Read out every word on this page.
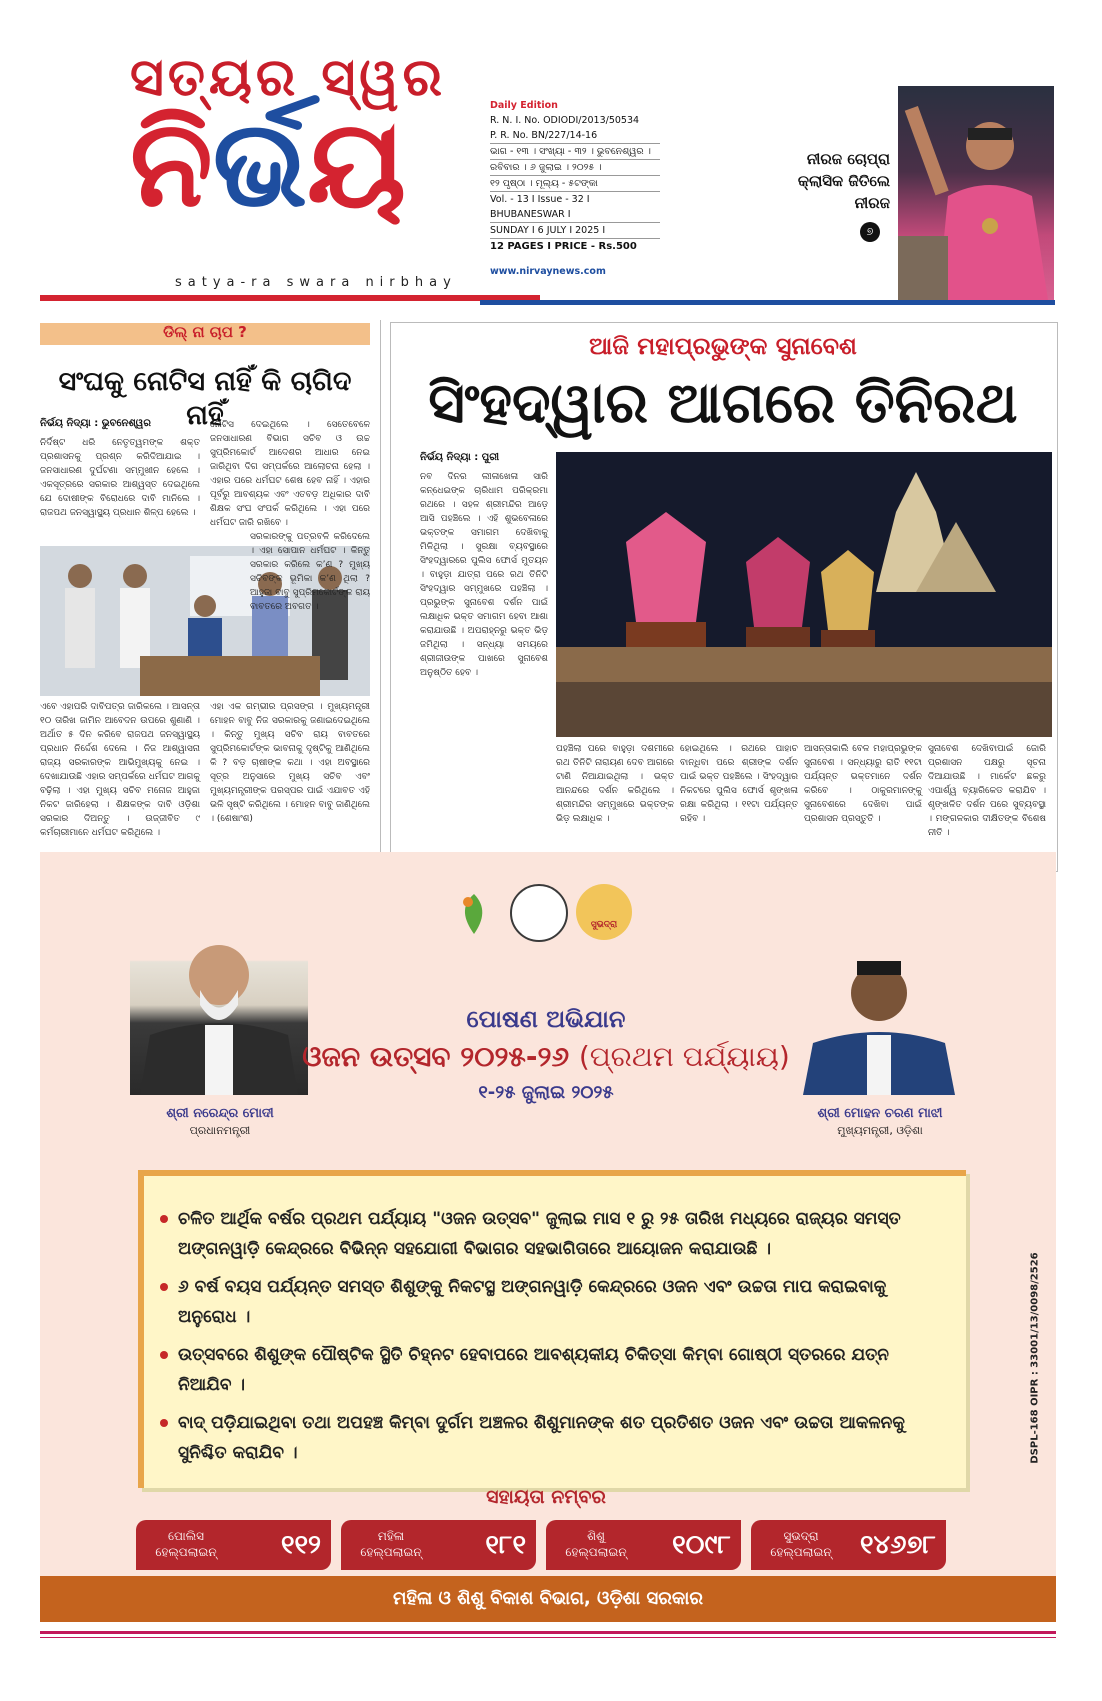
ସତ୍ୟର ସ୍ୱର
ନିର୍ଭୟ
satya-ra swara nirbhay
Daily Edition
R. N. I. No. ODIODI/2013/50534
P. R. No. BN/227/14-16
ଭାଗ - ୧୩ । ସଂଖ୍ୟା - ୩୨ । ଭୁବନେଶ୍ୱର ।
ରବିବାର । ୬ ଜୁଲାଇ । ୨୦୨୫ ।
୧୨ ପୃଷ୍ଠା । ମୂଲ୍ୟ - ୫ଟଙ୍କା
Vol. - 13 I Issue - 32 I BHUBANESWAR I
SUNDAY I 6 JULY I 2025 I
12 PAGES I PRICE - Rs.500
www.nirvaynews.com
ନୀରଜ ଚୋପ୍ରା
କ୍ଲାସିକ ଜିତିଲେ
ନୀରଜ
୭
ଡିଲ୍ ନା ଚାପ ?
ସଂଘକୁ ନୋଟିସ ନାହିଁ କି ଚାଗିଦ ନାହିଁ
ନିର୍ଭୟ ନିଦ୍ୟା : ଭୁବନେଶ୍ୱର
ନିର୍ଦିଷ୍ଟ ଧରି ନେତୃତ୍ୱମଙ୍କ ଶକ୍ତ ପ୍ରଶାସନକୁ ପ୍ରଶ୍ନ କରିଦିଆଯାଇ । ଜନସାଧାରଣ ଦୁର୍ଘଟଣା ସମ୍ମୁଖୀନ ହେଲେ । ଏକସୂତ୍ରରେ ସରକାର ଆଶ୍ୱସ୍ତ ଦେଇଥିଲେ ଯେ ଦୋଷୀଙ୍କ ବିରୋଧରେ ଦାବି ମାନିଲେ । ରାଜପଥ ଜନସ୍ୱାସ୍ଥ୍ୟ ପ୍ରଧାନ ଶିଳ୍ପ ହେଲେ ।
ଏବେ ଏହାପରି ଦାବିପତ୍ର ଜାରିକଲେ । ଆସନ୍ତା ୧୦ ତାରିଖ ଜାମିନ ଆବେଦନ ଉପରେ ଶୁଣାଣି । ଅର୍ଥାତ ୫ ଦିନ କରିବେ ରାଜପଥ ଜନସ୍ୱାସ୍ଥ୍ୟ ପ୍ରଧାନ ନିର୍ଦ୍ଦେଶ ଦେଲେ । ନିଜ ଆଶ୍ୱାସନା ରାଜ୍ୟ ସରକାରଙ୍କ ଆଭିମୁଖ୍ୟକୁ ନେଇ । ଦେଖାଯାଉଛି ଏହାର ସମ୍ପର୍କରେ ଧର୍ମଘଟ ଆଗକୁ ବଢ଼ିଲା । ଏହା ମୁଖ୍ୟ ସଚିବ ମନୋଜ ଆହୁଜା ନିକଟ ଜାରିହେଲା । ଶିକ୍ଷକଙ୍କ ଦାବି ଓଡ଼ିଶା ସରକାର ଦିଅନ୍ତୁ । ଉଜ୍ଜୀବିତ ୯ କର୍ମଚାରୀମାନେ ଧର୍ମଘଟ କରିଥିଲେ ।
ନୋଟିସ ଦେଇଥିଲେ । ସେତେବେଳେ ଜନସାଧାରଣ ବିଭାଗ ସଚିବ ଓ ଉଚ୍ଚ ସୁପ୍ରିମକୋର୍ଟ ଆଦେଶର ଆଧାର ନେଇ ଜାରିଥିବା ଦିଗ ସମ୍ପର୍କରେ ଆଲୋଚନା ହେଲା । ଏହାର ପରେ ଧର୍ମଘଟ ଶେଷ ହେବ ନାହିଁ । ଏହାର ପୂର୍ବରୁ ଆବଶ୍ୟକ ଏବଂ ଏତବଡ଼ ଅଧିକାର ଦାବି ଶିକ୍ଷକ ସଂଘ ସଂପର୍କ କରିଥିଲେ । ଏହା ପରେ ଧର୍ମଘଟ ଜାରି ରଖିବେ ।
ସରକାରଙ୍କୁ ପତ୍ରବଳି କରିଦେଲେ । ଏହା ସୋପାନ ଧର୍ମଘଟ । କିନ୍ତୁ ସରକାର କରିଲେ କ’ଣ ? ମୁଖ୍ୟ ସଚିବଙ୍କ ଭୂମିକା କ’ଣ ଥିଲା ? ଆହୁଜା ବାବୁ ସୁପ୍ରିମକୋର୍ଟଙ୍କ ରାୟ ବାବତରେ ଅବଗତ ।
ଏହା ଏକ ଗମ୍ଭୀର ପ୍ରସଙ୍ଗ । ମୁଖ୍ୟମନ୍ତ୍ରୀ ମୋହନ ବାବୁ ନିଜ ସରକାରକୁ ଜଣାଇଦେଇଥିଲେ । କିନ୍ତୁ ମୁଖ୍ୟ ସଚିବ ରାୟ ବାବତରେ ସୁପ୍ରିମକୋର୍ଟଙ୍କ ଭାବନାକୁ ଦୃଷ୍ଟିକୁ ଆଣିଥିଲେ କି ? ବଡ଼ ଚାଷୀଙ୍କ କଥା । ଏହା ଅବସ୍ଥାରେ ସୂତ୍ର ଅନୁସାରେ ମୁଖ୍ୟ ସଚିବ ଏବଂ ମୁଖ୍ୟମନ୍ତ୍ରୀଙ୍କ ପରସ୍ପର ପାଇଁ ଏଯାବତ ଏହି ଭଳି ସୃଷ୍ଟି କରିଥିଲେ । ମୋହନ ବାବୁ ଜାଣିଥିଲେ । (ଶେଷାଂଶ)
ଆଜି ମହାପ୍ରଭୁଙ୍କ ସୁନାବେଶ
ସିଂହଦ୍ୱାର ଆଗରେ ତିନିରଥ
ନିର୍ଭୟ ନିଦ୍ୟା : ପୁରୀ
ନବ ଦିନର ଲୀଳାଖେଳା ସାରି କନ୍ଧେଇଙ୍କ ଚାରିଧାମ ପରିକ୍ରମା ରଥରେ । ସହଳ ଶ୍ରୀମନ୍ଦିର ଆଡ଼େ ଆସି ପହଞ୍ଚିଲେ । ଏହି ଶୁଭବେଳାରେ ଭକ୍ତଙ୍କ ସମାଗମ ଦେଖିବାକୁ ମିଳିଥିଲା । ସୁରକ୍ଷା ବ୍ୟବସ୍ଥାରେ ସିଂହଦ୍ୱାରରେ ପୁଲିସ ଫୋର୍ସ ମୁତୟନ । ବାହୁଡ଼ା ଯାତ୍ରା ପରେ ରଥ ତିନିଟି ସିଂହଦ୍ୱାର ସମ୍ମୁଖରେ ପହଞ୍ଚିଲା । ପ୍ରଭୁଙ୍କ ସୁନାବେଶ ଦର୍ଶନ ପାଇଁ ଲକ୍ଷାଧିକ ଭକ୍ତ ସମାଗମ ହେବା ଆଶା କରାଯାଉଛି । ଅପରାହ୍ନରୁ ଭକ୍ତ ଭିଡ଼ ଜମିଥିଲା । ସନ୍ଧ୍ୟା ସମୟରେ ଶ୍ରୀଜୀଉଙ୍କ ପାଖରେ ସୁନାବେଶ ଅନୁଷ୍ଠିତ ହେବ ।
ପହଞ୍ଚିଲା ପରେ ବାହୁଡ଼ା ଦଶମୀରେ ରଥ ତିନିଟି ନାରାୟଣ ଦେବ ଆଗରେ ଟାଣି ନିଆଯାଇଥିଲା । ଭକ୍ତ ଆନନ୍ଦରେ ଦର୍ଶନ କରିଥିଲେ । ଶ୍ରୀମନ୍ଦିର ସମ୍ମୁଖରେ ଭକ୍ତଙ୍କ ଭିଡ଼ ଲକ୍ଷାଧିକ ।
ହୋଇଥିଲେ । ରଥରେ ପାହାଚ ବାନ୍ଧିବା ପରେ ଶ୍ରୀଙ୍କ ଦର୍ଶନ ପାଇଁ ଭକ୍ତ ପହଞ୍ଚିଲେ । ସିଂହଦ୍ୱାର ନିକଟରେ ପୁଲିସ ଫୋର୍ସ ଶୃଙ୍ଖଳା ରକ୍ଷା କରିଥିଲା । ୧୧ଟା ପର୍ଯ୍ୟନ୍ତ ରହିବ ।
ଆସନ୍ତାକାଲି ବେଳ ମହାପ୍ରଭୁଙ୍କ ସୁନାବେଶ । ସନ୍ଧ୍ୟାରୁ ରାତି ୧୧ଟା ପର୍ଯ୍ୟନ୍ତ ଭକ୍ତମାନେ ଦର୍ଶନ କରିବେ । ଠାକୁରମାନଙ୍କୁ ସୁନାବେଶରେ ଦେଖିବା ପାଇଁ ପ୍ରଶାସନ ପ୍ରସ୍ତୁତି ।
ସୁନାବେଶ ଦେଖିବାପାଇଁ ଜୋରି ପ୍ରଶାସନ ପକ୍ଷରୁ ସୂଚନା ଦିଆଯାଉଛି । ମାର୍କେଟ ଛକରୁ ଏପାର୍ଶ୍ୱ ବ୍ୟାରିକେଡ କରାଯିବ । ଶୃଙ୍ଖଳିତ ଦର୍ଶନ ପରେ ସୁବ୍ୟବସ୍ଥା । ମଙ୍ଗଳକାର ଦୀକ୍ଷିତଙ୍କ ବିଶେଷ ନୀତି ।
ସୁଭଦ୍ରା
ଶ୍ରୀ ନରେନ୍ଦ୍ର ମୋଦୀ
ପ୍ରଧାନମନ୍ତ୍ରୀ
ପୋଷଣ ଅଭିଯାନ
ଓଜନ ଉତ୍ସବ ୨୦୨୫-୨୬ (ପ୍ରଥମ ପର୍ଯ୍ୟାୟ)
୧-୨୫ ଜୁଲାଇ ୨୦୨୫
ଶ୍ରୀ ମୋହନ ଚରଣ ମାଝୀ
ମୁଖ୍ୟମନ୍ତ୍ରୀ, ଓଡ଼ିଶା
ଚଳିତ ଆର୍ଥିକ ବର୍ଷର ପ୍ରଥମ ପର୍ଯ୍ୟାୟ "ଓଜନ ଉତ୍ସବ" ଜୁଲାଇ ମାସ ୧ ରୁ ୨୫ ତାରିଖ ମଧ୍ୟରେ ରାଜ୍ୟର ସମସ୍ତ ଅଙ୍ଗନୱାଡ଼ି କେନ୍ଦ୍ରରେ ବିଭିନ୍ନ ସହଯୋଗୀ ବିଭାଗର ସହଭାଗିତାରେ ଆୟୋଜନ କରାଯାଉଛି ।
୬ ବର୍ଷ ବୟସ ପର୍ଯ୍ୟନ୍ତ ସମସ୍ତ ଶିଶୁଙ୍କୁ ନିକଟସ୍ଥ ଅଙ୍ଗନୱାଡ଼ି କେନ୍ଦ୍ରରେ ଓଜନ ଏବଂ ଉଚ୍ଚତା ମାପ କରାଇବାକୁ ଅନୁରୋଧ ।
ଉତ୍ସବରେ ଶିଶୁଙ୍କ ପୌଷ୍ଟିକ ସ୍ଥିତି ଚିହ୍ନଟ ହେବାପରେ ଆବଶ୍ୟକୀୟ ଚିକିତ୍ସା କିମ୍ବା ଗୋଷ୍ଠୀ ସ୍ତରରେ ଯତ୍ନ ନିଆଯିବ ।
ବାଦ୍ ପଡ଼ିଯାଇଥିବା ତଥା ଅପହଞ୍ଚ କିମ୍ବା ଦୁର୍ଗମ ଅଞ୍ଚଳର ଶିଶୁମାନଙ୍କ ଶତ ପ୍ରତିଶତ ଓଜନ ଏବଂ ଉଚ୍ଚତା ଆକଳନକୁ ସୁନିଶ୍ଚିତ କରାଯିବ ।	DSPL-168 OIPR : 33001/13/0098/2526
ସହାୟତା ନମ୍ବର
ପୋଲିସ
ହେଲ୍ପଲାଇନ୍	୧୧୨	ମହିଳା
ହେଲ୍ପଲାଇନ୍	୧୮୧	ଶିଶୁ
ହେଲ୍ପଲାଇନ୍	୧୦୯୮	ସୁଭଦ୍ରା
ହେଲ୍ପଲାଇନ୍	୧୪୬୭୮
ମହିଳା ଓ ଶିଶୁ ବିକାଶ ବିଭାଗ, ଓଡ଼ିଶା ସରକାର
